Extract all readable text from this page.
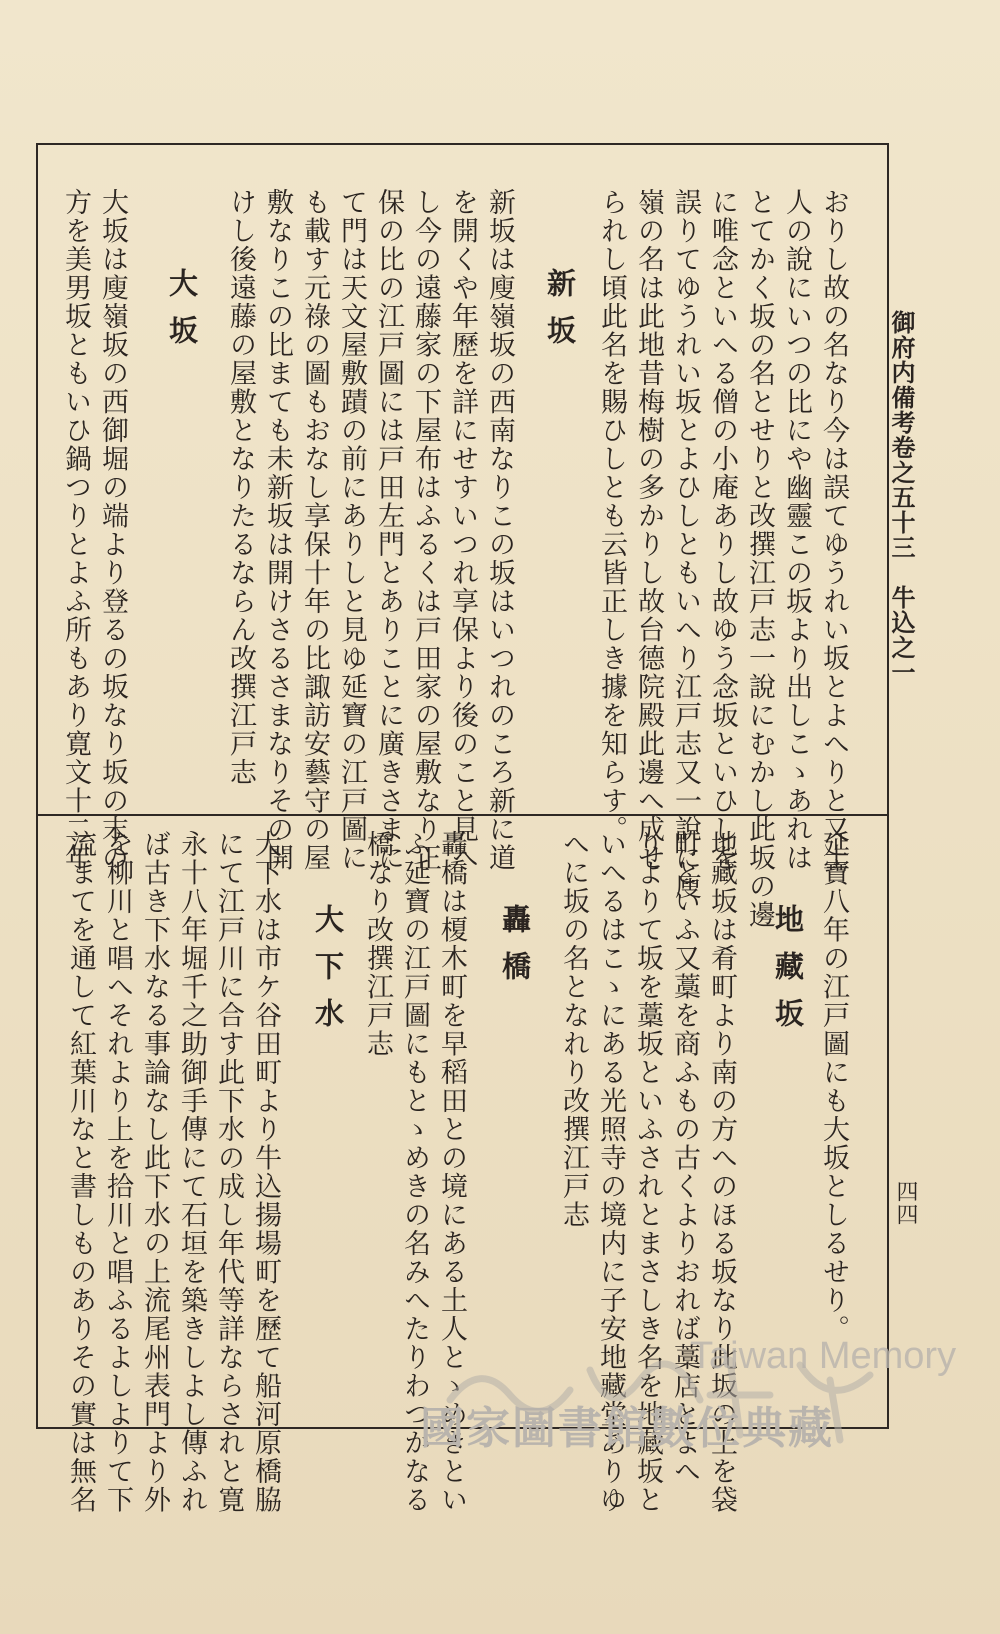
御府内備考卷之五十三　牛込之一
四四
おりし故の名なり今は誤てゆうれい坂とよへりと又土
人の說にいつの比にや幽靈この坂より出しこゝあれは
とてかく坂の名とせりと改撰江戸志一說にむかし此坂の邊
に唯念といへる僧の小庵ありし故ゆう念坂といひしを
誤りてゆうれい坂とよひしともいへり江戸志又一說に廋
嶺の名は此地昔梅樹の多かりし故台德院殿此邊へ成せ
られし頃此名を賜ひしとも云皆正しき據を知らす。
新坂
新坂は廋嶺坂の西南なりこの坂はいつれのころ新に道
を開くや年歷を詳にせすいつれ享保より後のこと見へ
し今の遠藤家の下屋布はふるくは戸田家の屋敷なり正
保の比の江戸圖には戸田左門とありことに廣きさまに
て門は天文屋敷蹟の前にありしと見ゆ延寶の江戸圖に
も載す元祿の圖もおなし享保十年の比諏訪安藝守の屋
敷なりこの比まても未新坂は開けさるさまなりその開
けし後遠藤の屋敷となりたるならん改撰江戸志
大坂
大坂は廋嶺坂の西御堀の端より登るの坂なり坂の末の
方を美男坂ともいひ鍋つりとよふ所もあり寛文十二年
延寶八年の江戸圖にも大坂としるせり。
地藏坂
地藏坂は肴町より南の方へのほる坂なり此坂の上を袋
町といふ又藁を商ふもの古くよりおれば藁店とよへ
りよりて坂を藁坂といふされとまさしき名を地藏坂と
いへるはこゝにある光照寺の境内に子安地藏堂ありゆ
へに坂の名となれり改撰江戸志
轟橋
轟橋は榎木町を早稻田との境にある土人とゝめきとい
ふ延寶の江戸圖にもとゝめきの名みへたりわつかなる
橋なり改撰江戸志
大下水
大下水は市ケ谷田町より牛込揚場町を歷て船河原橋脇
にて江戸川に合す此下水の成し年代等詳ならされと寛
永十八年堀千之助御手傳にて石垣を築きしよし傳ふれ
ば古き下水なる事論なし此下水の上流尾州表門より外
を柳川と唱へそれより上を拾川と唱ふるよしよりて下
流まてを通して紅葉川なと書しものありその實は無名	Taiwan Memory
國家圖書館數位典藏
